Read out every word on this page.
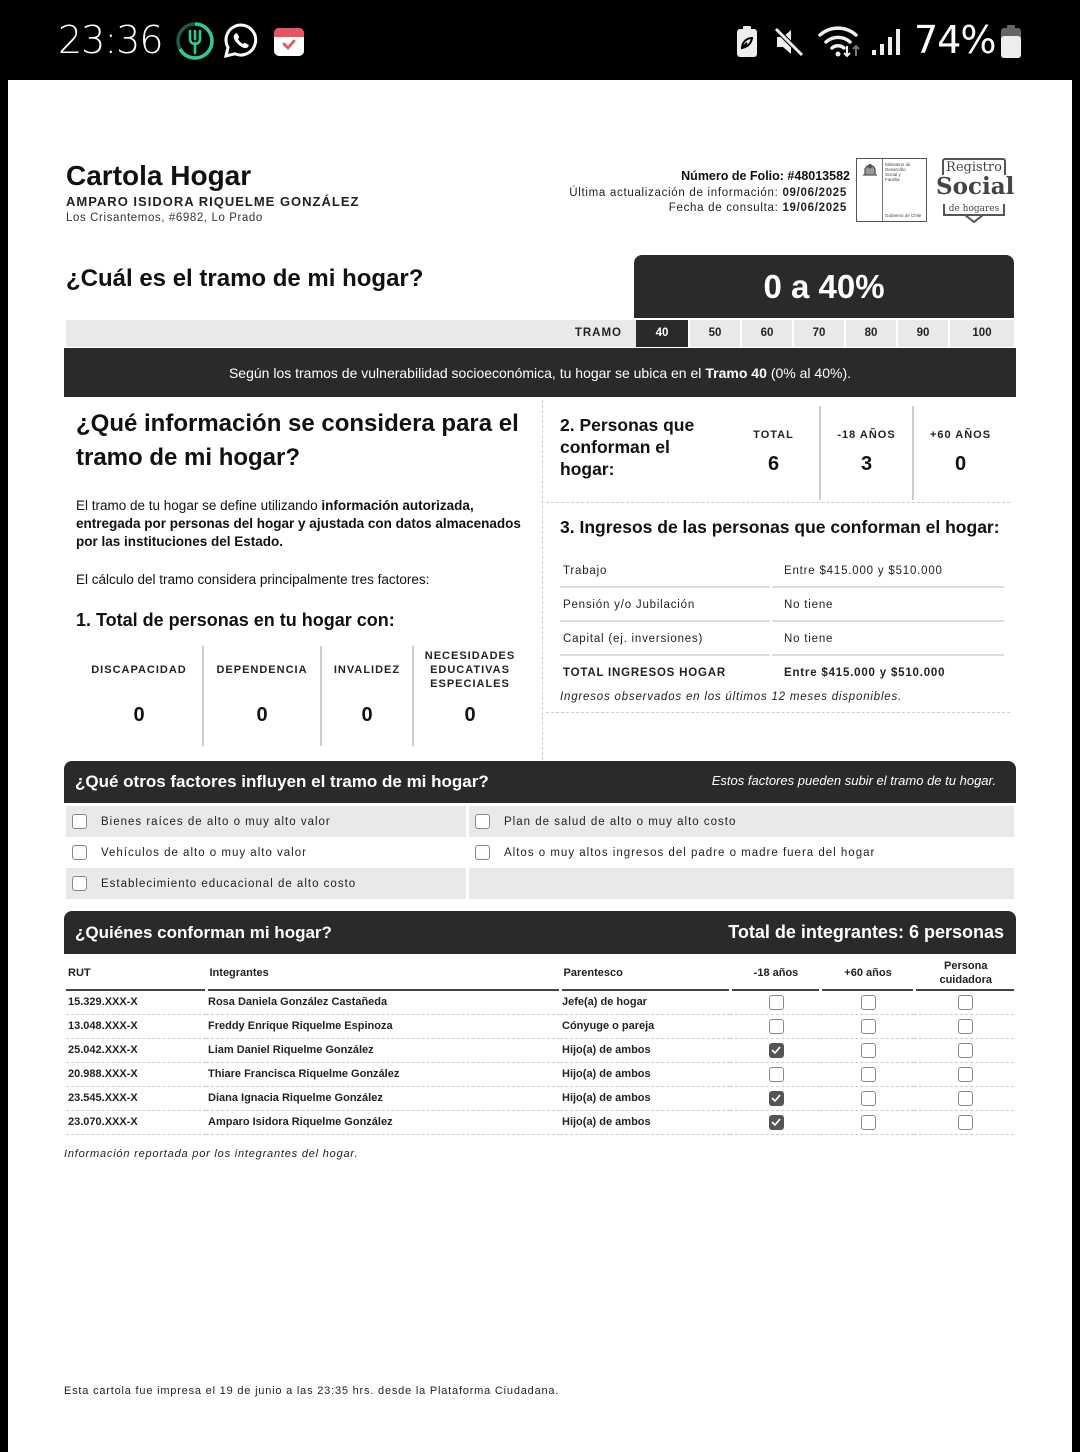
23:36	74%
Cartola Hogar
AMPARO ISIDORA RIQUELME GONZÁLEZ
Los Crisantemos, #6982, Lo Prado
Número de Folio: #48013582
Última actualización de información: 09/06/2025
Fecha de consulta: 19/06/2025
Ministerio de
Desarrollo
Social y
Familia
Gobierno de Chile
Registro
Social
de hogares
¿Cuál es el tramo de mi hogar?	0 a 40%
TRAMO	40	50	60	70	80	90	100
Según los tramos de vulnerabilidad socioeconómica, tu hogar se ubica en el Tramo 40 (0% al 40%).
¿Qué información se considera para el tramo de mi hogar?
El tramo de tu hogar se define utilizando información autorizada, entregada por personas del hogar y ajustada con datos almacenados por las instituciones del Estado.
El cálculo del tramo considera principalmente tres factores:
1. Total de personas en tu hogar con:
DISCAPACIDAD
0
DEPENDENCIA
0
INVALIDEZ
0
NECESIDADES EDUCATIVAS ESPECIALES
0
2. Personas que conforman el hogar:
TOTAL
6
-18 AÑOS
3
+60 AÑOS
0
3. Ingresos de las personas que conforman el hogar:
Trabajo	Entre $415.000 y $510.000
Pensión y/o Jubilación	No tiene
Capital (ej. inversiones)	No tiene
TOTAL INGRESOS HOGAR	Entre $415.000 y $510.000
Ingresos observados en los últimos 12 meses disponibles.
¿Qué otros factores influyen el tramo de mi hogar?	Estos factores pueden subir el tramo de tu hogar.
Bienes raíces de alto o muy alto valor	Plan de salud de alto o muy alto costo
Vehículos de alto o muy alto valor	Altos o muy altos ingresos del padre o madre fuera del hogar
Establecimiento educacional de alto costo
¿Quiénes conforman mi hogar?	Total de integrantes: 6 personas
RUT	Integrantes	Parentesco	-18 años	+60 años	Persona cuidadora
15.329.XXX-X	Rosa Daniela González Castañeda	Jefe(a) de hogar			
13.048.XXX-X	Freddy Enrique Riquelme Espinoza	Cónyuge o pareja			
25.042.XXX-X	Liam Daniel Riquelme González	Hijo(a) de ambos	

20.988.XXX-X	Thiare Francisca Riquelme González	Hijo(a) de ambos			
23.545.XXX-X	Diana Ignacia Riquelme González	Hijo(a) de ambos	

23.070.XXX-X	Amparo Isidora Riquelme González	Hijo(a) de ambos	

Información reportada por los integrantes del hogar.
Esta cartola fue impresa el 19 de junio a las 23:35 hrs. desde la Plataforma Ciudadana.
